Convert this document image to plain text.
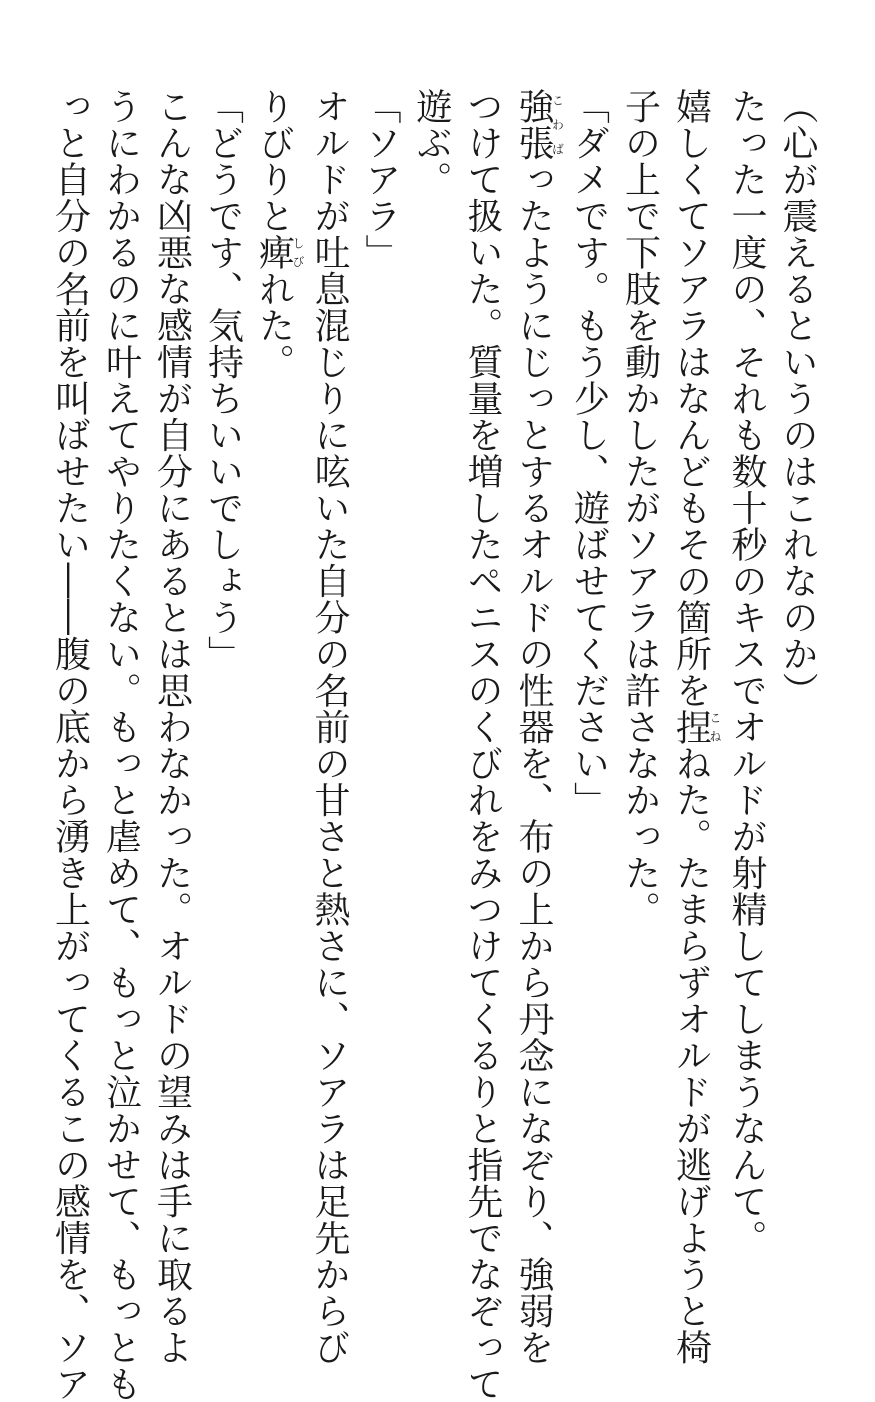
（心が震えるというのはこれなのか）
たった一度の、それも数十秒のキスでオルドが射精してしまうなんて。
嬉しくてソアラはなんどもその箇所を捏こねねた。たまらずオルドが逃げようと椅
子の上で下肢を動かしたがソアラは許さなかった。
「ダメです。もう少し、遊ばせてください」
強張こわばったようにじっとするオルドの性器を、布の上から丹念になぞり、強弱を
つけて扱いた。質量を増したペニスのくびれをみつけてくるりと指先でなぞって
遊ぶ。
「ソアラ」
オルドが吐息混じりに呟いた自分の名前の甘さと熱さに、ソアラは足先からび
りびりと痺しびれた。
「どうです、気持ちいいでしょう」
こんな凶悪な感情が自分にあるとは思わなかった。オルドの望みは手に取るよ
うにわかるのに叶えてやりたくない。もっと虐めて、もっと泣かせて、もっとも
っと自分の名前を叫ばせたい――腹の底から湧き上がってくるこの感情を、ソア
